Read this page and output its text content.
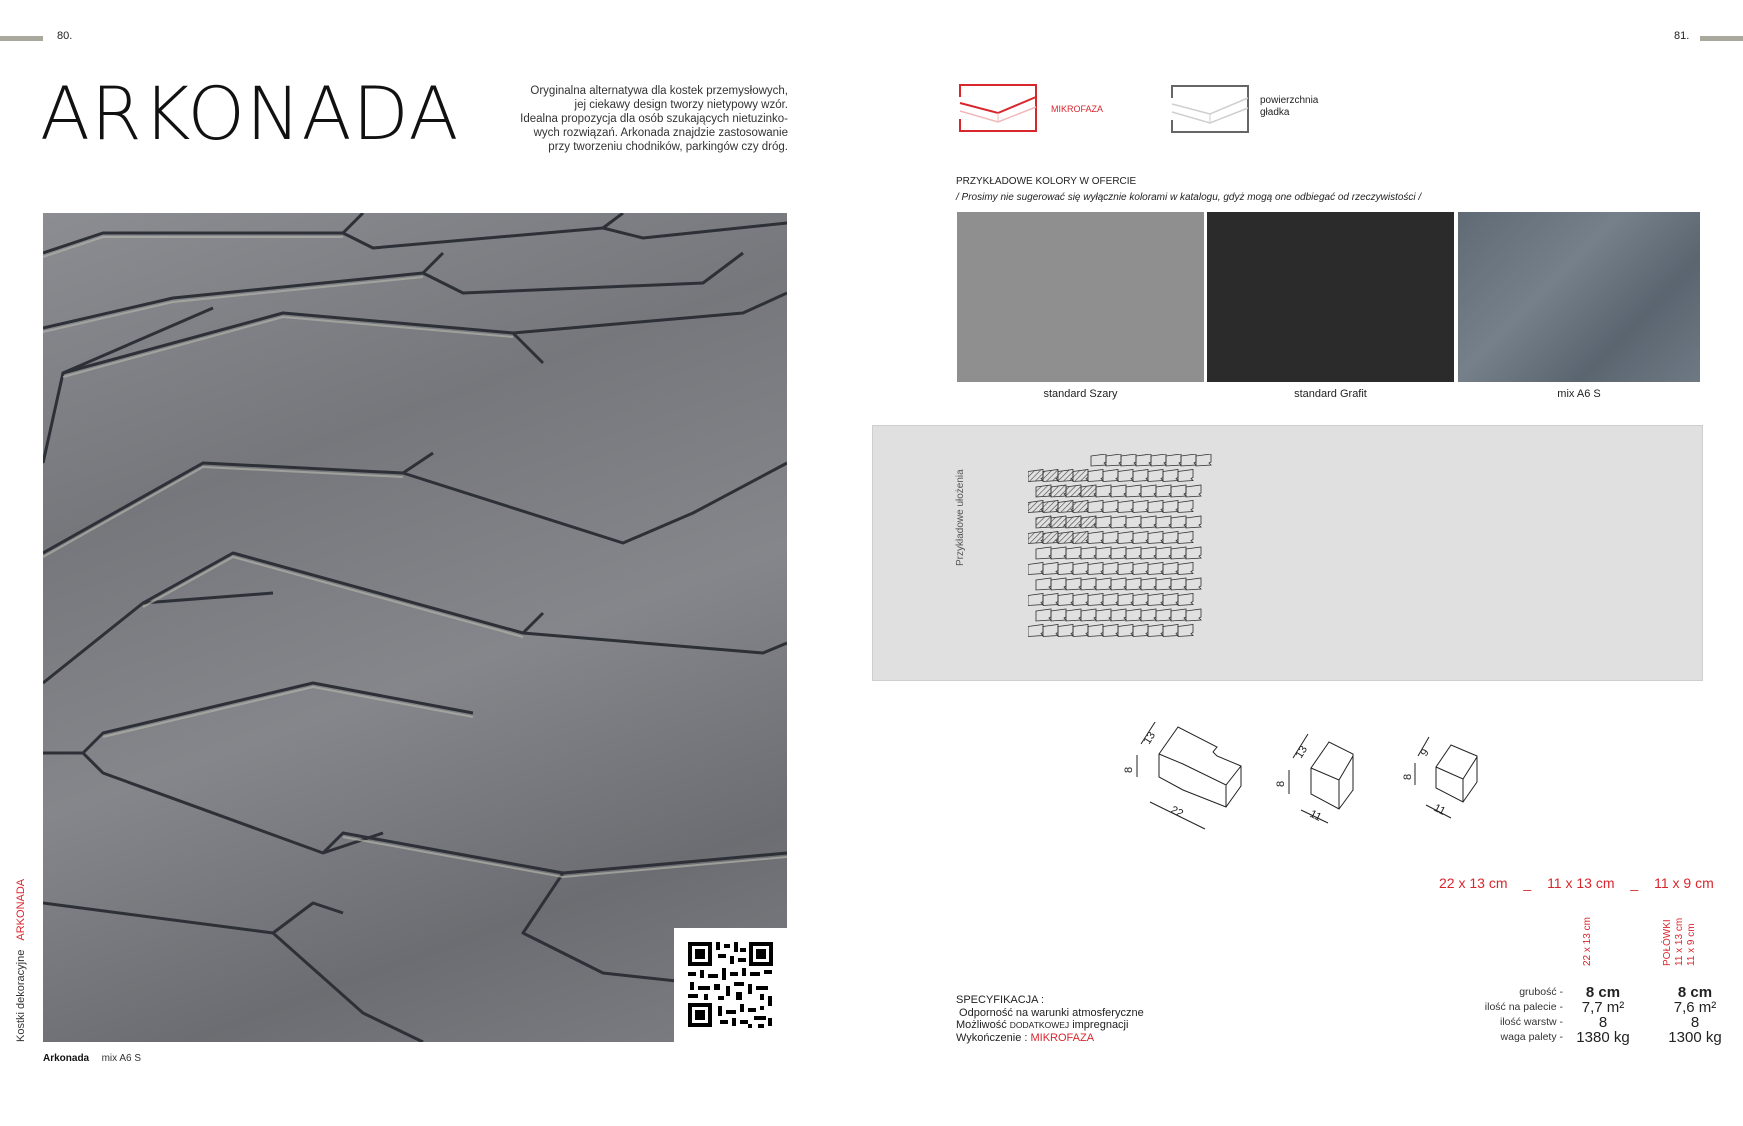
80.
ARKONADA	Oryginalna alternatywa dla kostek przemysłowych,
jej ciekawy design tworzy nietypowy wzór.
Idealna propozycja dla osób szukających nietuzinko-
wych rozwiązań. Arkonada znajdzie zastosowanie
przy tworzeniu chodników, parkingów czy dróg.
Arkonada mix A6 S
Kostki dekoracyjne ARKONADA
81.
MIKROFAZA
powierzchnia
gładka
PRZYKŁADOWE KOLORY W OFERCIE
/ Prosimy nie sugerować się wyłącznie kolorami w katalogu, gdyż mogą one odbiegać od rzeczywistości /
standard Szary	standard Grafit	mix A6 S
Przykładowe ułożenia
13
8
22
13
8
11
9
8
11
22 x 13 cm _ 11 x 13 cm _ 11 x 9 cm
22 x 13 cm	POŁÓWKI 11 x 13 cm 11 x 9 cm
grubość -	8 cm	8 cm
ilość na palecie -	7,7 m²	7,6 m²
ilość warstw -	8	8
waga palety - 1380 kg	1300 kg
SPECYFIKACJA :
Odporność na warunki atmosferyczne
Możliwość DODATKOWEJ impregnacji
Wykończenie : MIKROFAZA
